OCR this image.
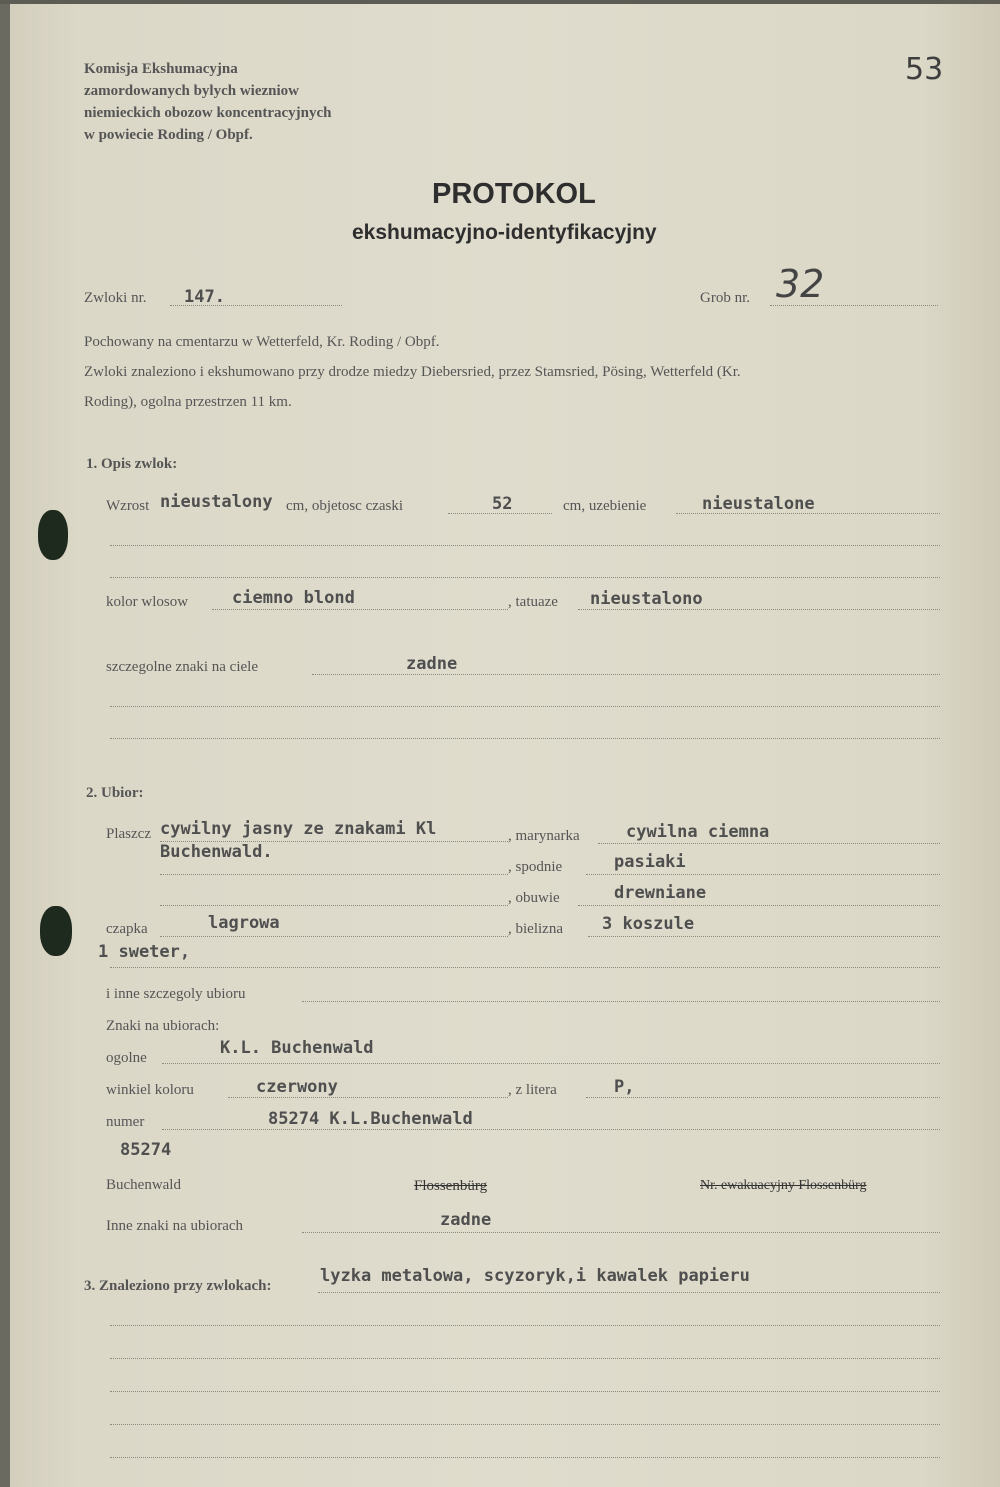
53
Komisja Ekshumacyjna
zamordowanych bylych wiezniow
niemieckich obozow koncentracyjnych
w powiecie Roding / Obpf.
PROTOKOL
ekshumacyjno-identyfikacyjny
Zwloki nr. 147.	Grob nr. 32
Pochowany na cmentarzu w Wetterfeld, Kr. Roding / Obpf.
Zwloki znaleziono i ekshumowano przy drodze miedzy Diebersried, przez Stamsried, Pösing, Wetterfeld (Kr.
Roding), ogolna przestrzen 11 km.
1. Opis zwlok:
Wzrost nieustalony cm, objetosc czaski	52	cm, uzebienie	nieustalone
kolor wlosow	ciemno blond	, tatuaze nieustalono
szczegolne znaki na ciele	zadne
2. Ubior:
Plaszcz cywilny jasny ze znakami Kl
Buchenwald.
, marynarka	cywilna ciemna
, spodnie	pasiaki
, obuwie	drewniane
czapka	lagrowa	, bielizna 3 koszule
1 sweter,
i inne szczegoly ubioru
Znaki na ubiorach:
ogolne	K.L. Buchenwald
winkiel koloru	czerwony	, z litera	P,
numer	85274 K.L.Buchenwald
85274
Buchenwald	Flossenbürg	Nr. ewakuacyjny Flossenbürg
Inne znaki na ubiorach	zadne
3. Znaleziono przy zwlokach:	lyzka metalowa, scyzoryk,i kawalek papieru
